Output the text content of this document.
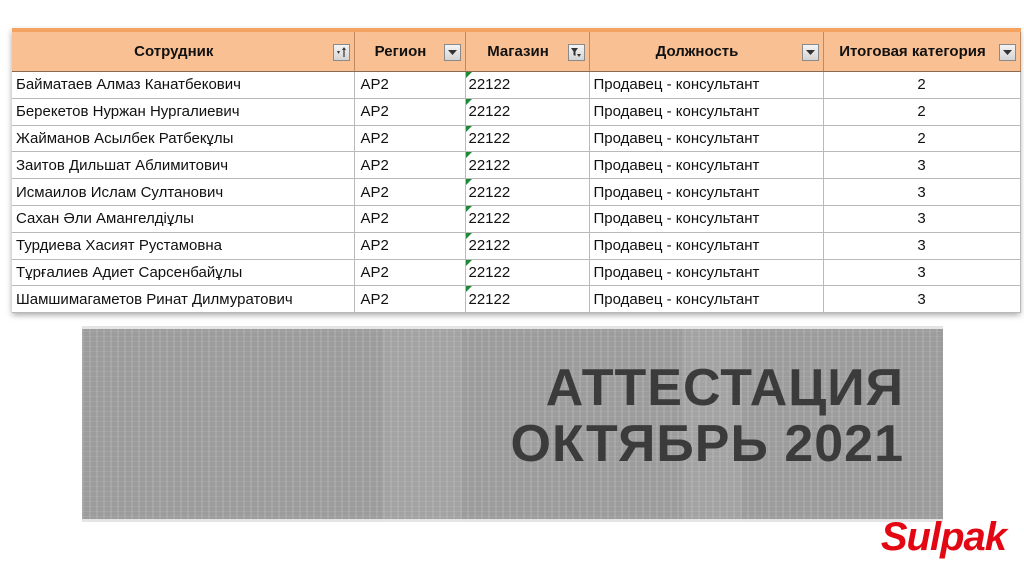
Сотрудник	Регион	Магазин	Должность	Итоговая категория

Байматаев Алмаз Канатбекович	АР2	22122	Продавец - консультант	2
Берекетов Нуржан Нургалиевич	АР2	22122	Продавец - консультант	2
Жайманов Асылбек Ратбекұлы	АР2	22122	Продавец - консультант	2
Заитов Дильшат Аблимитович	АР2	22122	Продавец - консультант	3
Исмаилов Ислам Султанович	АР2	22122	Продавец - консультант	3
Сахан Әли Амангелдіұлы	АР2	22122	Продавец - консультант	3
Турдиева Хасият Рустамовна	АР2	22122	Продавец - консультант	3
Тұрғалиев Адиет Сарсенбайұлы	АР2	22122	Продавец - консультант	3
Шамшимагаметов Ринат Дилмуратович	АР2	22122	Продавец - консультант	3
АТТЕСТАЦИЯ
ОКТЯБРЬ 2021
Sulpak
